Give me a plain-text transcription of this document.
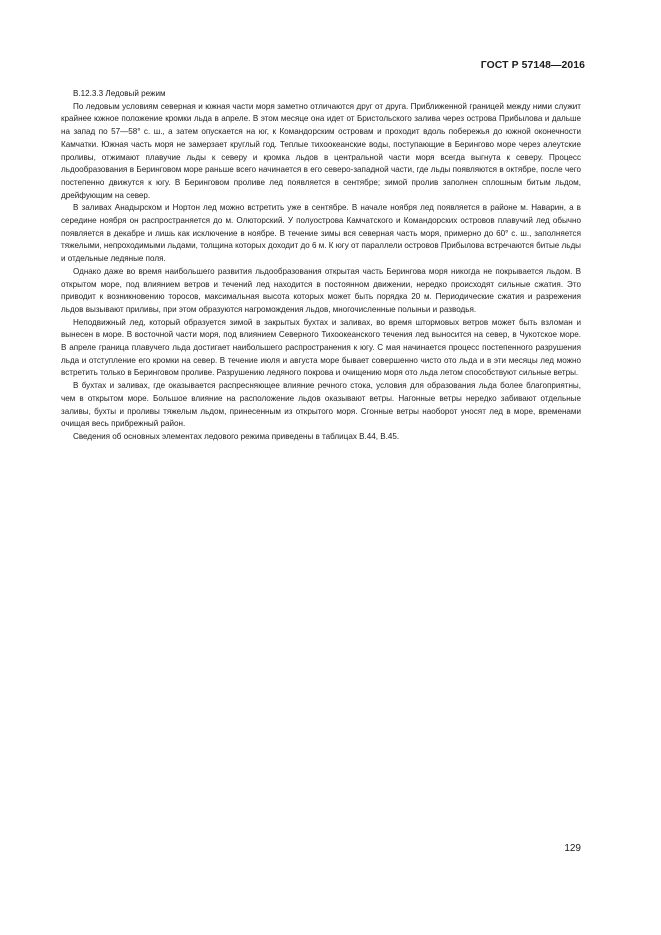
ГОСТ Р 57148—2016

В.12.3.3 Ледовый режим

По ледовым условиям северная и южная части моря заметно отличаются друг от друга. Приближенной границей между ними служит крайнее южное положение кромки льда в апреле. В этом месяце она идет от Бристольского залива через острова Прибылова и дальше на запад по 57—58° с. ш., а затем опускается на юг, к Командорским островам и проходит вдоль побережья до южной оконечности Камчатки. Южная часть моря не замерзает круглый год. Теплые тихоокеанские воды, поступающие в Берингово море через алеутские проливы, отжимают плавучие льды к северу и кромка льдов в центральной части моря всегда выгнута к северу. Процесс льдообразования в Беринговом море раньше всего начинается в его северо-западной части, где льды появляются в октябре, после чего постепенно движутся к югу. В Беринговом проливе лед появляется в сентябре; зимой пролив заполнен сплошным битым льдом, дрейфующим на север.

В заливах Анадырском и Нортон лед можно встретить уже в сентябре. В начале ноября лед появляется в районе м. Наварин, а в середине ноября он распространяется до м. Олюторский. У полуострова Камчатского и Командорских островов плавучий лед обычно появляется в декабре и лишь как исключение в ноябре. В течение зимы вся северная часть моря, примерно до 60° с. ш., заполняется тяжелыми, непроходимыми льдами, толщина которых доходит до 6 м. К югу от параллели островов Прибылова встречаются битые льды и отдельные ледяные поля.

Однако даже во время наибольшего развития льдообразования открытая часть Берингова моря никогда не покрывается льдом. В открытом море, под влиянием ветров и течений лед находится в постоянном движении, нередко происходят сильные сжатия. Это приводит к возникновению торосов, максимальная высота которых может быть порядка 20 м. Периодические сжатия и разрежения льдов вызывают приливы, при этом образуются нагромождения льдов, многочисленные полыньи и разводья.

Неподвижный лед, который образуется зимой в закрытых бухтах и заливах, во время штормовых ветров может быть взломан и вынесен в море. В восточной части моря, под влиянием Северного Тихоокеанского течения лед выносится на север, в Чукотское море. В апреле граница плавучего льда достигает наибольшего распространения к югу. С мая начинается процесс постепенного разрушения льда и отступление его кромки на север. В течение июля и августа море бывает совершенно чисто ото льда и в эти месяцы лед можно встретить только в Беринговом проливе. Разрушению ледяного покрова и очищению моря ото льда летом способствуют сильные ветры.

В бухтах и заливах, где оказывается распресняющее влияние речного стока, условия для образования льда более благоприятны, чем в открытом море. Большое влияние на расположение льдов оказывают ветры. Нагонные ветры нередко забивают отдельные заливы, бухты и проливы тяжелым льдом, принесенным из открытого моря. Сгонные ветры наоборот уносят лед в море, временами очищая весь прибрежный район.

Сведения об основных элементах ледового режима приведены в таблицах В.44, В.45.

129
